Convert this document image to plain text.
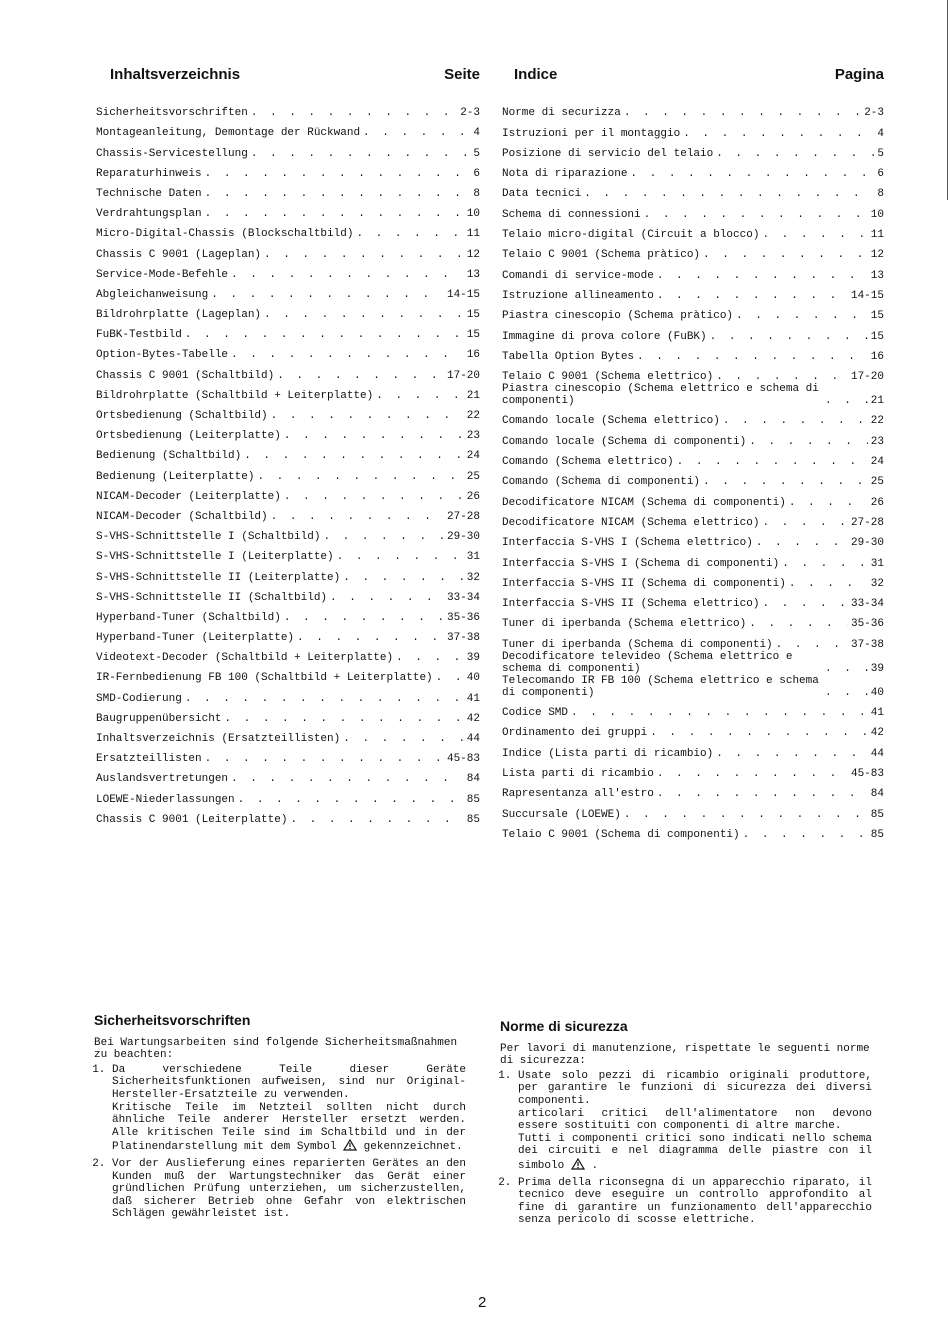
Inhaltsverzeichnis	Seite
Sicherheitsvorschriften . . .	2-3
Montageanleitung, Demontage der Rückwand . . .	4
Chassis-Servicestellung . . .	5
Reparaturhinweis . . .	6
Technische Daten . . .	8
Verdrahtungsplan . . .	10
Micro-Digital-Chassis (Blockschaltbild) . . .	11
Chassis C 9001 (Lageplan) . . .	12
Service-Mode-Befehle . . .	13
Abgleichanweisung . . .	14-15
Bildrohrplatte (Lageplan) . . .	15
FuBK-Testbild . . .	15
Option-Bytes-Tabelle . . .	16
Chassis C 9001 (Schaltbild) . . .	17-20
Bildrohrplatte (Schaltbild + Leiterplatte) . . .	21
Ortsbedienung (Schaltbild) . . .	22
Ortsbedienung (Leiterplatte) . . .	23
Bedienung (Schaltbild) . . .	24
Bedienung (Leiterplatte) . . .	25
NICAM-Decoder (Leiterplatte) . . .	26
NICAM-Decoder (Schaltbild) . . .	27-28
S-VHS-Schnittstelle I (Schaltbild) . . .	29-30
S-VHS-Schnittstelle I (Leiterplatte) . . .	31
S-VHS-Schnittstelle II (Leiterplatte) . . .	32
S-VHS-Schnittstelle II (Schaltbild) . . .	33-34
Hyperband-Tuner (Schaltbild) . . .	35-36
Hyperband-Tuner (Leiterplatte) . . .	37-38
Videotext-Decoder (Schaltbild + Leiterplatte) . . .	39
IR-Fernbedienung FB 100 (Schaltbild + Leiterplatte) . . .	40
SMD-Codierung . . .	41
Baugruppenübersicht . . .	42
Inhaltsverzeichnis (Ersatzteillisten) . . .	44
Ersatzteillisten . . .	45-83
Auslandsvertretungen . . .	84
LOEWE-Niederlassungen . . .	85
Chassis C 9001 (Leiterplatte) . . .	85
Indice	Pagina
Norme di securizza . . .	2-3
Istruzioni per il montaggio . . .	4
Posizione di servicio del telaio . . .	5
Nota di riparazione . . .	6
Data tecnici . . .	8
Schema di connessioni . . .	10
Telaio micro-digital (Circuit a blocco) . . .	11
Telaio C 9001 (Schema pràtico) . . .	12
Comandi di service-mode . . .	13
Istruzione allineamento . . .	14-15
Piastra cinescopio (Schema pràtico) . . .	15
Immagine di prova colore (FuBK) . . .	15
Tabella Option Bytes . . .	16
Telaio C 9001 (Schema elettrico) . . .	17-20
Piastra cinescopio (Schema elettrico e schema di componenti) . . .	21
Comando locale (Schema elettrico) . . .	22
Comando locale (Schema di componenti) . . .	23
Comando (Schema elettrico) . . .	24
Comando (Schema di componenti) . . .	25
Decodificatore NICAM (Schema di componenti) . . .	26
Decodificatore NICAM (Schema elettrico) . . .	27-28
Interfaccia S-VHS I (Schema elettrico) . . .	29-30
Interfaccia S-VHS I (Schema di componenti) . . .	31
Interfaccia S-VHS II (Schema di componenti) . . .	32
Interfaccia S-VHS II (Schema elettrico) . . .	33-34
Tuner di iperbanda (Schema elettrico) . . .	35-36
Tuner di iperbanda (Schema di componenti) . . .	37-38
Decodificatore televideo (Schema elettrico e schema di componenti) . . .	39
Telecomando IR FB 100 (Schema elettrico e schema di componenti) . . .	40
Codice SMD . . .	41
Ordinamento dei gruppi . . .	42
Indice (Lista parti di ricambio) . . .	44
Lista parti di ricambio . . .	45-83
Rapresentanza all'estro . . .	84
Succursale (LOEWE) . . .	85
Telaio C 9001 (Schema di componenti) . . .	85
Sicherheitsvorschriften

Bei Wartungsarbeiten sind folgende Sicherheitsmaßnahmen zu beachten:

1. Da verschiedene Teile dieser Geräte Sicherheitsfunktionen aufweisen, sind nur Original-Hersteller-Ersatzteile zu verwenden.

Kritische Teile im Netzteil sollten nicht durch ähnliche Teile anderer Hersteller ersetzt werden. Alle kritischen Teile sind im Schaltbild und in der Platinendarstellung mit dem Symbol gekennzeichnet.

2. Vor der Auslieferung eines reparierten Gerätes an den Kunden muß der Wartungstechniker das Gerät einer gründlichen Prüfung unterziehen, um sicherzustellen, daß sicherer Betrieb ohne Gefahr von elektrischen Schlägen gewährleistet ist.
Norme di sicurezza

Per lavori di manutenzione, rispettate le seguenti norme di sicurezza:

1. Usate solo pezzi di ricambio originali produttore, per garantire le funzioni di sicurezza dei diversi componenti.

articolari critici dell'alimentatore non devono essere sostituiti con componenti di altre marche.

Tutti i componenti critici sono indicati nello schema dei circuiti e nel diagramma delle piastre con il simbolo .

2. Prima della riconsegna di un apparecchio riparato, il tecnico deve eseguire un controllo approfondito al fine di garantire un funzionamento dell'apparecchio senza pericolo di scosse elettriche.
2
